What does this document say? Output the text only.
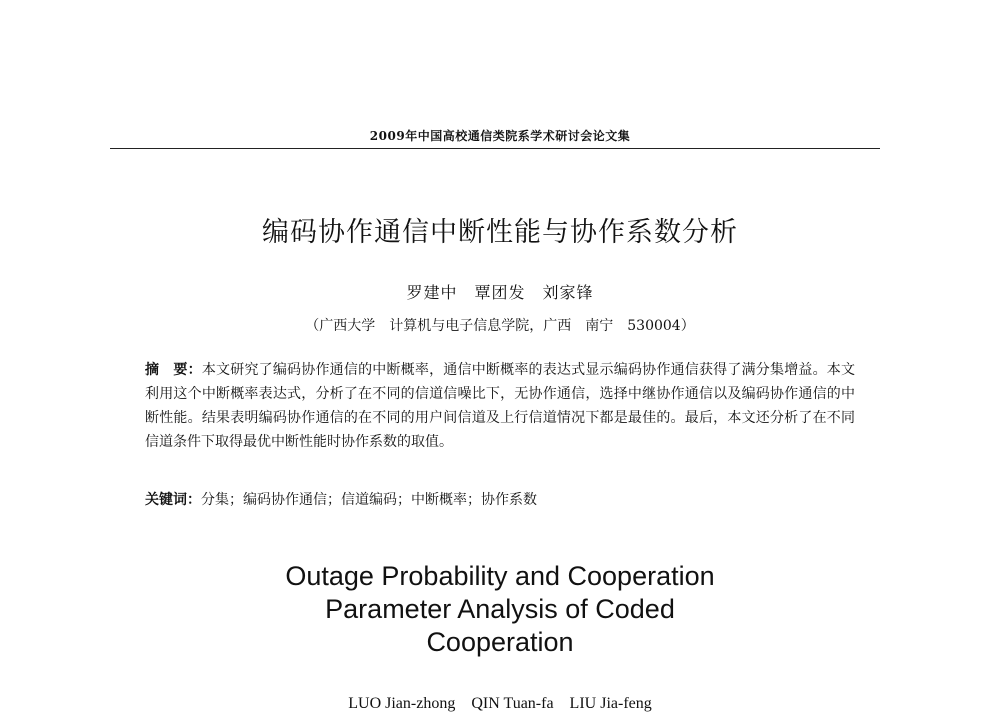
2009年中国高校通信类院系学术研讨会论文集
编码协作通信中断性能与协作系数分析
罗建中　覃团发　刘家锋
（广西大学　计算机与电子信息学院，广西　南宁　530004）
摘　要：本文研究了编码协作通信的中断概率，通信中断概率的表达式显示编码协作通信获得了满分集增益。本文利用这个中断概率表达式，分析了在不同的信道信噪比下，无协作通信，选择中继协作通信以及编码协作通信的中断性能。结果表明编码协作通信的在不同的用户间信道及上行信道情况下都是最佳的。最后，本文还分析了在不同信道条件下取得最优中断性能时协作系数的取值。
关键词：分集；编码协作通信；信道编码；中断概率；协作系数
Outage Probability and Cooperation
Parameter Analysis of Coded
Cooperation
LUO Jian-zhong　QIN Tuan-fa　LIU Jia-feng
